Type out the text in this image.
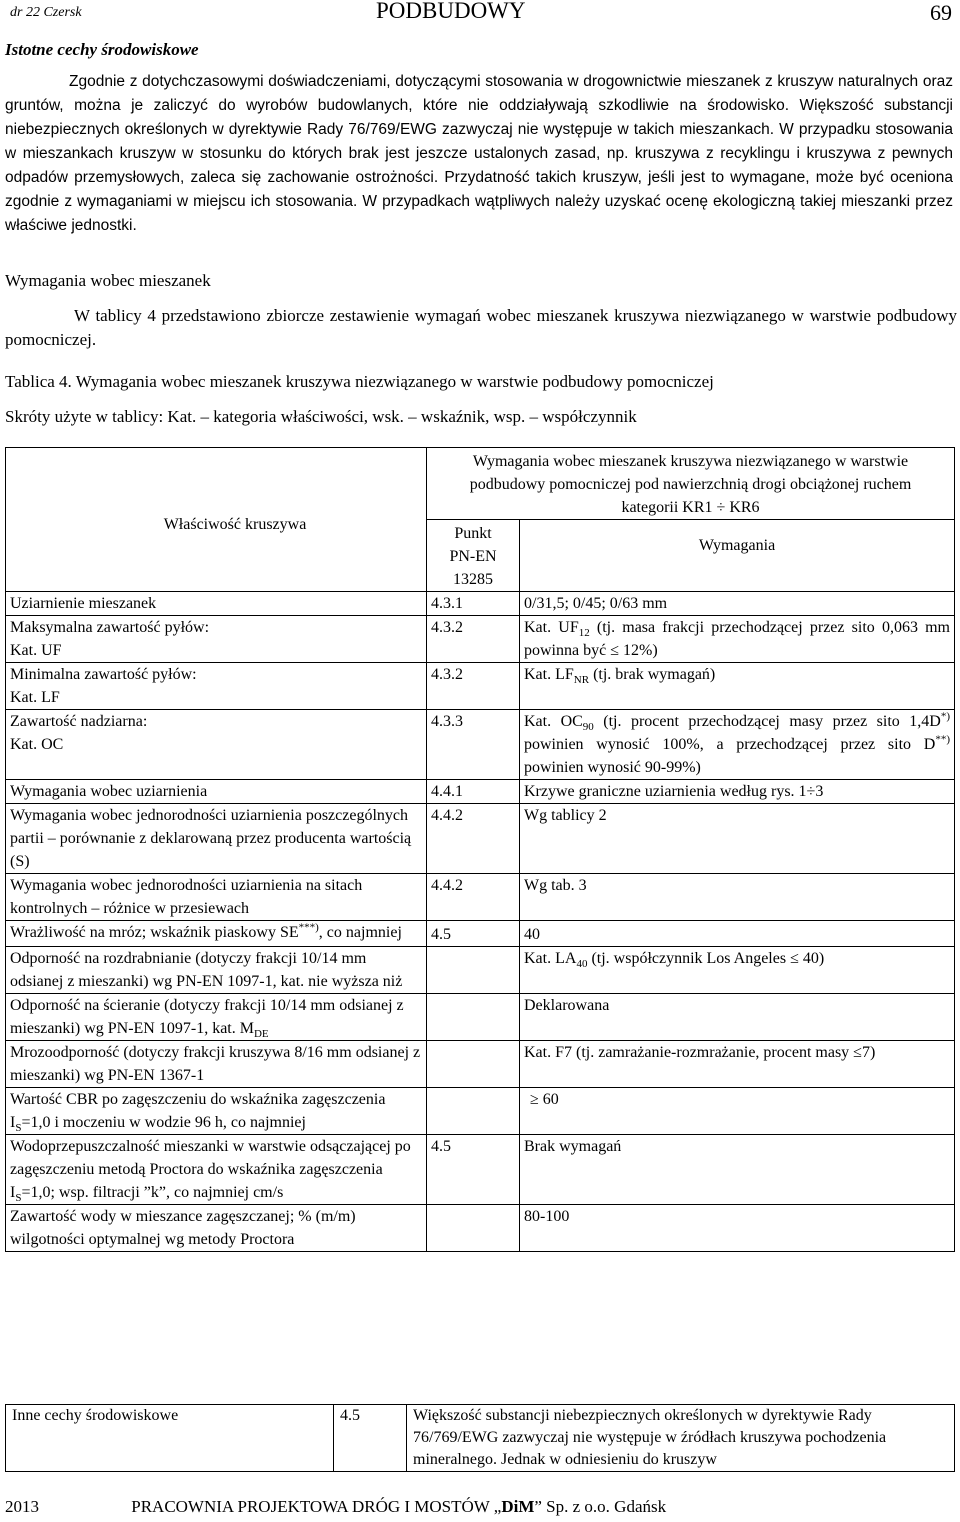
dr 22 Czersk	PODBUDOWY	69
Istotne cechy środowiskowe
Zgodnie z dotychczasowymi doświadczeniami, dotyczącymi stosowania w drogownictwie mieszanek z kruszyw naturalnych oraz gruntów, można je zaliczyć do wyrobów budowlanych, które nie oddziaływają szkodliwie na środowisko. Większość substancji niebezpiecznych określonych w dyrektywie Rady 76/769/EWG zazwyczaj nie występuje w takich mieszankach. W przypadku stosowania w mieszankach kruszyw w stosunku do których brak jest jeszcze ustalonych zasad, np. kruszywa z recyklingu i kruszywa z pewnych odpadów przemysłowych, zaleca się zachowanie ostrożności. Przydatność takich kruszyw, jeśli jest to wymagane, może być oceniona zgodnie z wymaganiami w miejscu ich stosowania. W przypadkach wątpliwych należy uzyskać ocenę ekologiczną takiej mieszanki przez właściwe jednostki.
Wymagania wobec mieszanek
W tablicy 4 przedstawiono zbiorcze zestawienie wymagań wobec mieszanek kruszywa niezwiązanego w warstwie podbudowy pomocniczej.
Tablica 4. Wymagania wobec mieszanek kruszywa niezwiązanego w warstwie podbudowy pomocniczej
Skróty użyte w tablicy: Kat. – kategoria właściwości, wsk. – wskaźnik, wsp. – współczynnik
Właściwość kruszywa	Wymagania wobec mieszanek kruszywa niezwiązanego w warstwie podbudowy pomocniczej pod nawierzchnią drogi obciążonej ruchem kategorii KR1 ÷ KR6	

	Punkt PN-EN 13285	Wymagania
Uziarnienie mieszanek	4.3.1	0/31,5; 0/45; 0/63 mm

Maksymalna zawartość pyłów:
Kat. UF	4.3.2	Kat. $UF_{12}$ (tj. masa frakcji przechodzącej przez sito 0,063 mm powinna być ≤ 12%)

Minimalna zawartość pyłów:
Kat. LF	4.3.2	Kat. $LF_{NR}$ (tj. brak wymagań)

Zawartość nadziarna:
Kat. OC	4.3.3	Kat. $OC_{90}$ (tj. procent przechodzącej masy przez sito 1,4D*) powinien wynosić 100%, a przechodzącej przez sito D**) powinien wynosić 90-99%)
Wymagania wobec uziarnienia	4.4.1	Krzywe graniczne uziarnienia według rys. 1÷3
Wymagania wobec jednorodności uziarnienia poszczególnych partii – porównanie z deklarowaną przez producenta wartością (S)	4.4.2	Wg tablicy 2
Wymagania wobec jednorodności uziarnienia na sitach kontrolnych – różnice w przesiewach	4.4.2	Wg tab. 3
Wrażliwość na mróz; wskaźnik piaskowy SE***), co najmniej	4.5	40
Odporność na rozdrabnianie (dotyczy frakcji 10/14 mm odsianej z mieszanki) wg PN-EN 1097-1, kat. nie wyższa niż		Kat. $LA_{40}$ (tj. współczynnik Los Angeles ≤ 40)
Odporność na ścieranie (dotyczy frakcji 10/14 mm odsianej z mieszanki) wg PN-EN 1097-1, kat. $M_{DE}$		Deklarowana
Mrozoodporność (dotyczy frakcji kruszywa 8/16 mm odsianej z mieszanki) wg PN-EN 1367-1		Kat. F7 (tj. zamrażanie-rozmrażanie, procent masy ≤7)
Wartość CBR po zagęszczeniu do wskaźnika zagęszczenia $I_S=1,0$ i moczeniu w wodzie 96 h, co najmniej		≥ 60
Wodoprzepuszczalność mieszanki w warstwie odsączającej po zagęszczeniu metodą Proctora do wskaźnika zagęszczenia $I_S=1,0$; wsp. filtracji ”k”, co najmniej cm/s	4.5	Brak wymagań
Zawartość wody w mieszance zagęszczanej; % (m/m) wilgotności optymalnej wg metody Proctora		80-100
Inne cechy środowiskowe	4.5	Większość substancji niebezpiecznych określonych w dyrektywie Rady 76/769/EWG zazwyczaj nie występuje w źródłach kruszywa pochodzenia mineralnego. Jednak w odniesieniu do kruszyw
2013	PRACOWNIA PROJEKTOWA DRÓG I MOSTÓW „DiM” Sp. z o.o. Gdańsk
